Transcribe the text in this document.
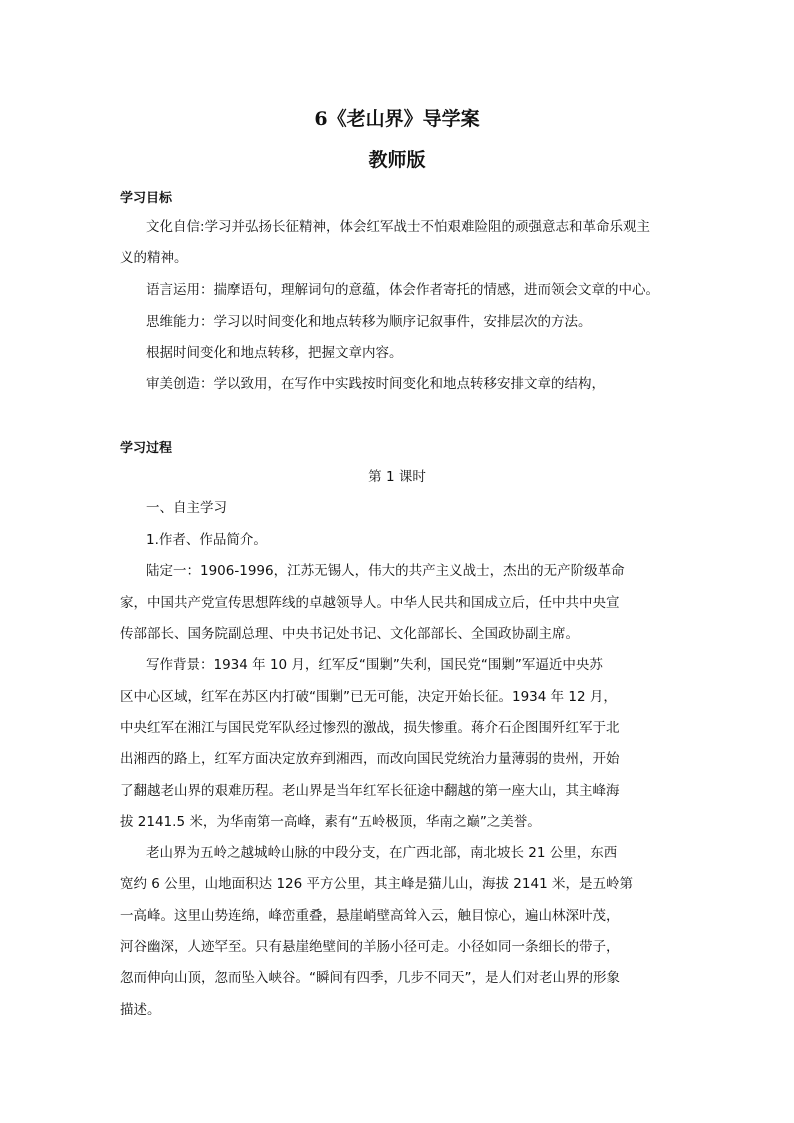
6《老山界》导学案
教师版
学习目标
文化自信:学习并弘扬长征精神，体会红军战士不怕艰难险阻的顽强意志和革命乐观主
义的精神。
语言运用：揣摩语句，理解词句的意蕴，体会作者寄托的情感，进而领会文章的中心。
思维能力：学习以时间变化和地点转移为顺序记叙事件，安排层次的方法。
根据时间变化和地点转移，把握文章内容。
审美创造：学以致用，在写作中实践按时间变化和地点转移安排文章的结构，
学习过程
第 1 课时
一、自主学习
1.作者、作品简介。
陆定一：1906-1996，江苏无锡人，伟大的共产主义战士，杰出的无产阶级革命
家，中国共产党宣传思想阵线的卓越领导人。中华人民共和国成立后，任中共中央宣
传部部长、国务院副总理、中央书记处书记、文化部部长、全国政协副主席。
写作背景：1934 年 10 月，红军反“围剿”失利，国民党“围剿”军逼近中央苏
区中心区域，红军在苏区内打破“围剿”已无可能，决定开始长征。1934 年 12 月，
中央红军在湘江与国民党军队经过惨烈的激战，损失惨重。蒋介石企图围歼红军于北
出湘西的路上，红军方面决定放弃到湘西，而改向国民党统治力量薄弱的贵州，开始
了翻越老山界的艰难历程。老山界是当年红军长征途中翻越的第一座大山，其主峰海
拔 2141.5 米，为华南第一高峰，素有“五岭极顶，华南之巅”之美誉。
老山界为五岭之越城岭山脉的中段分支，在广西北部，南北坡长 21 公里，东西
宽约 6 公里，山地面积达 126 平方公里，其主峰是猫儿山，海拔 2141 米，是五岭第
一高峰。这里山势连绵，峰峦重叠，悬崖峭壁高耸入云，触目惊心，遍山林深叶茂，
河谷幽深，人迹罕至。只有悬崖绝壁间的羊肠小径可走。小径如同一条细长的带子，
忽而伸向山顶，忽而坠入峡谷。“瞬间有四季，几步不同天”，是人们对老山界的形象
描述。
